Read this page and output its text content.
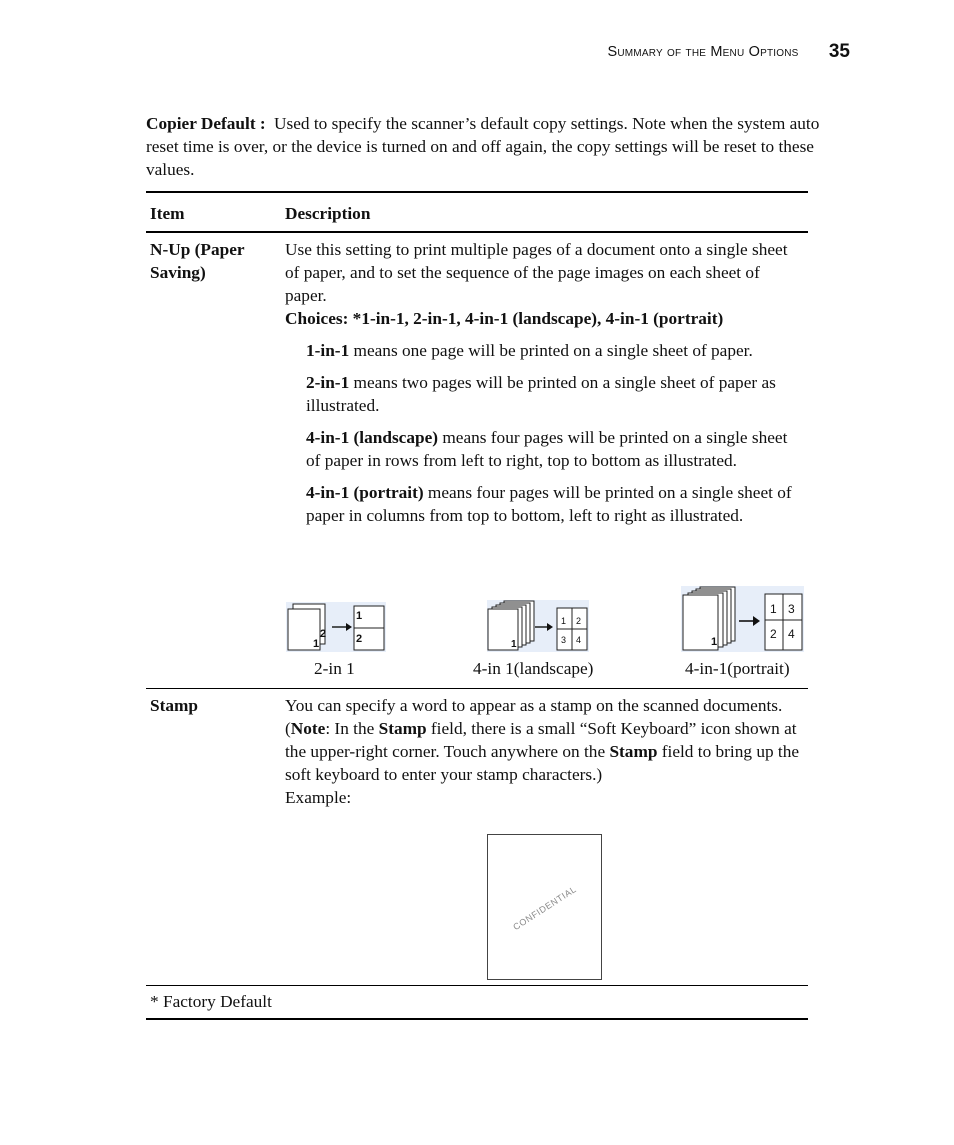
Summary of the Menu Options 35

Copier Default : Used to specify the scanner’s default copy settings. Note when the system auto reset time is over, or the device is turned on and off again, the copy settings will be reset to these values.

Item	Description
N-Up (Paper Saving)

Use this setting to print multiple pages of a document onto a single sheet of paper, and to set the sequence of the page images on each sheet of paper.

Choices: *1-in-1, 2-in-1, 4-in-1 (landscape), 4-in-1 (portrait)

1-in-1 means one page will be printed on a single sheet of paper.

2-in-1 means two pages will be printed on a single sheet of paper as illustrated.

4-in-1 (landscape) means four pages will be printed on a single sheet of paper in rows from left to right, top to bottom as illustrated.

4-in-1 (portrait) means four pages will be printed on a single sheet of paper in columns from top to bottom, left to right as illustrated.

2
1
1
2
2-in 1
1
1 2
3 4
4-in 1(landscape)
1
1 3
2 4
4-in-1(portrait)
Stamp	You can specify a word to appear as a stamp on the scanned documents.

(Note: In the Stamp field, there is a small “Soft Keyboard” icon shown at the upper-right corner. Touch anywhere on the Stamp field to bring up the soft keyboard to enter your stamp characters.)

Example:

CONFIDENTIAL
* Factory Default
